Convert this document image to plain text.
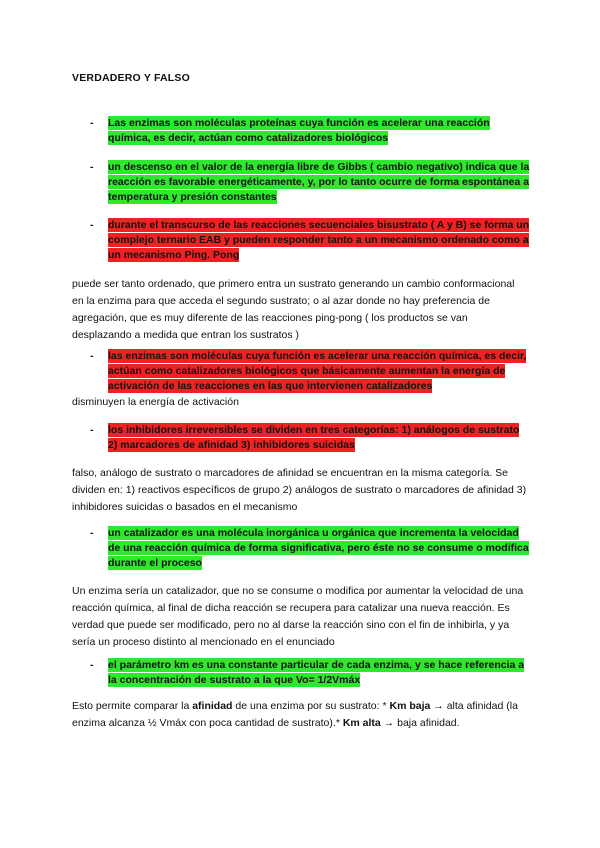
VERDADERO Y FALSO
- Las enzimas son moléculas proteínas cuya función es acelerar una reacción química, es decir, actúan como catalizadores biológicos
- un descenso en el valor de la energía libre de Gibbs ( cambio negativo) indica que la reacción es favorable energéticamente, y, por lo tanto ocurre de forma espontánea a temperatura y presión constantes
- durante el transcurso de las reacciones secuenciales bisustrato ( A y B) se forma un complejo ternario EAB y pueden responder tanto a un mecanismo ordenado como a un mecanismo Ping. Pong
puede ser tanto ordenado, que primero entra un sustrato generando un cambio conformacional en la enzima para que acceda el segundo sustrato; o al azar donde no hay preferencia de agregación, que es muy diferente de las reacciones ping-pong ( los productos se van desplazando a medida que entran los sustratos )
- las enzimas son moléculas cuya función es acelerar una reacción química, es decir, actúan como catalizadores biológicos que básicamente aumentan la energía de activación de las reacciones en las que intervienen catalizadores
disminuyen la energía de activación
- los inhibidores irreversibles se dividen en tres categorías: 1) análogos de sustrato 2) marcadores de afinidad 3) inhibidores suicidas
falso, análogo de sustrato o marcadores de afinidad se encuentran en la misma categoría. Se dividen en: 1) reactivos específicos de grupo 2) análogos de sustrato o marcadores de afinidad 3) inhibidores suicidas o basados en el mecanismo
- un catalizador es una molécula inorgánica u orgánica que incrementa la velocidad de una reacción química de forma significativa, pero éste no se consume o modifica durante el proceso
Un enzima sería un catalizador, que no se consume o modifica por aumentar la velocidad de una reacción química, al final de dicha reacción se recupera para catalizar una nueva reacción. Es verdad que puede ser modificado, pero no al darse la reacción sino con el fin de inhibirla, y ya sería un proceso distinto al mencionado en el enunciado
- el parámetro km es una constante particular de cada enzima, y se hace referencia a la concentración de sustrato a la que Vo= 1/2Vmáx
Esto permite comparar la afinidad de una enzima por su sustrato: * Km baja → alta afinidad (la enzima alcanza ½ Vmáx con poca cantidad de sustrato).* Km alta → baja afinidad.
